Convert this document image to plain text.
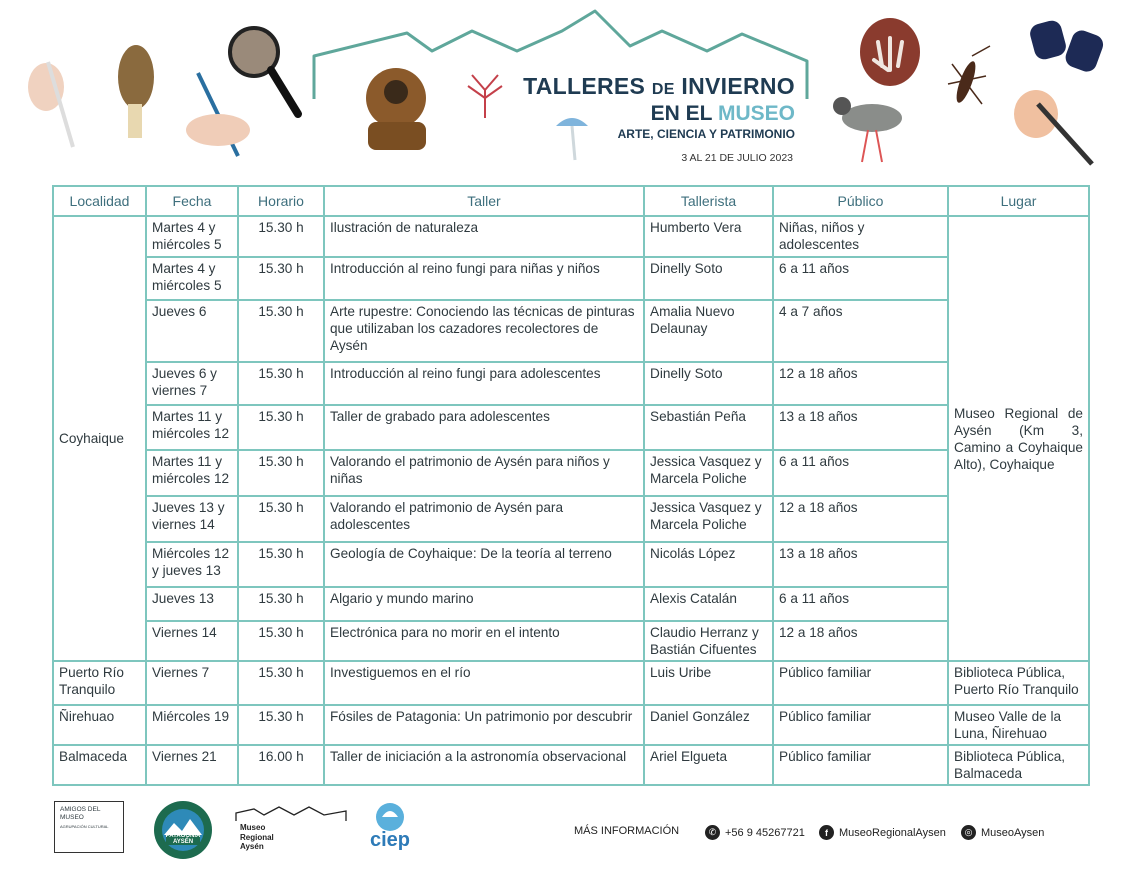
TALLERES DE INVIERNO
EN EL MUSEO
ARTE, CIENCIA Y PATRIMONIO
3 AL 21 DE JULIO 2023
Localidad	Fecha	Horario	Taller	Tallerista	Público	Lugar
Coyhaique	Martes 4 y miércoles 5	15.30 h	Ilustración de naturaleza	Humberto Vera	Niñas, niños y adolescentes	Museo Regional de Aysén (Km 3, Camino a Coyhaique Alto), Coyhaique
	Martes 4 y miércoles 5	15.30 h	Introducción al reino fungi para niñas y niños	Dinelly Soto	6 a 11 años	
	Jueves 6	15.30 h	Arte rupestre: Conociendo las técnicas de pinturas que utilizaban los cazadores recolectores de Aysén	Amalia Nuevo Delaunay	4 a 7 años	
	Jueves 6 y viernes 7	15.30 h	Introducción al reino fungi para adolescentes	Dinelly Soto	12 a 18 años	
	Martes 11 y miércoles 12	15.30 h	Taller de grabado para adolescentes	Sebastián Peña	13 a 18 años	
	Martes 11 y miércoles 12	15.30 h	Valorando el patrimonio de Aysén para niños y niñas	Jessica Vasquez y Marcela Poliche	6 a 11 años	
	Jueves 13 y viernes 14	15.30 h	Valorando el patrimonio de Aysén para adolescentes	Jessica Vasquez y Marcela Poliche	12 a 18 años	
	Miércoles 12 y jueves 13	15.30 h	Geología de Coyhaique: De la teoría al terreno	Nicolás López	13 a 18 años	
	Jueves 13	15.30 h	Algario y mundo marino	Alexis Catalán	6 a 11 años	
	Viernes 14	15.30 h	Electrónica para no morir en el intento	Claudio Herranz y Bastián Cifuentes	12 a 18 años	
Puerto Río Tranquilo	Viernes 7	15.30 h	Investiguemos en el río	Luis Uribe	Público familiar	Biblioteca Pública, Puerto Río Tranquilo
Ñirehuao	Miércoles 19	15.30 h	Fósiles de Patagonia: Un patrimonio por descubrir	Daniel González	Público familiar	Museo Valle de la Luna, Ñirehuao
Balmaceda	Viernes 21	16.00 h	Taller de iniciación a la astronomía observacional	Ariel Elgueta	Público familiar	Biblioteca Pública, Balmaceda
AMIGOS DEL MUSEO
AGRUPACIÓN CULTURAL
PATAGONIA AYSÉN
Museo Regional Aysén	ciep	MÁS INFORMACIÓN	✆ +56 9 45267721	f	MuseoRegionalAysen	◎ MuseoAysen
